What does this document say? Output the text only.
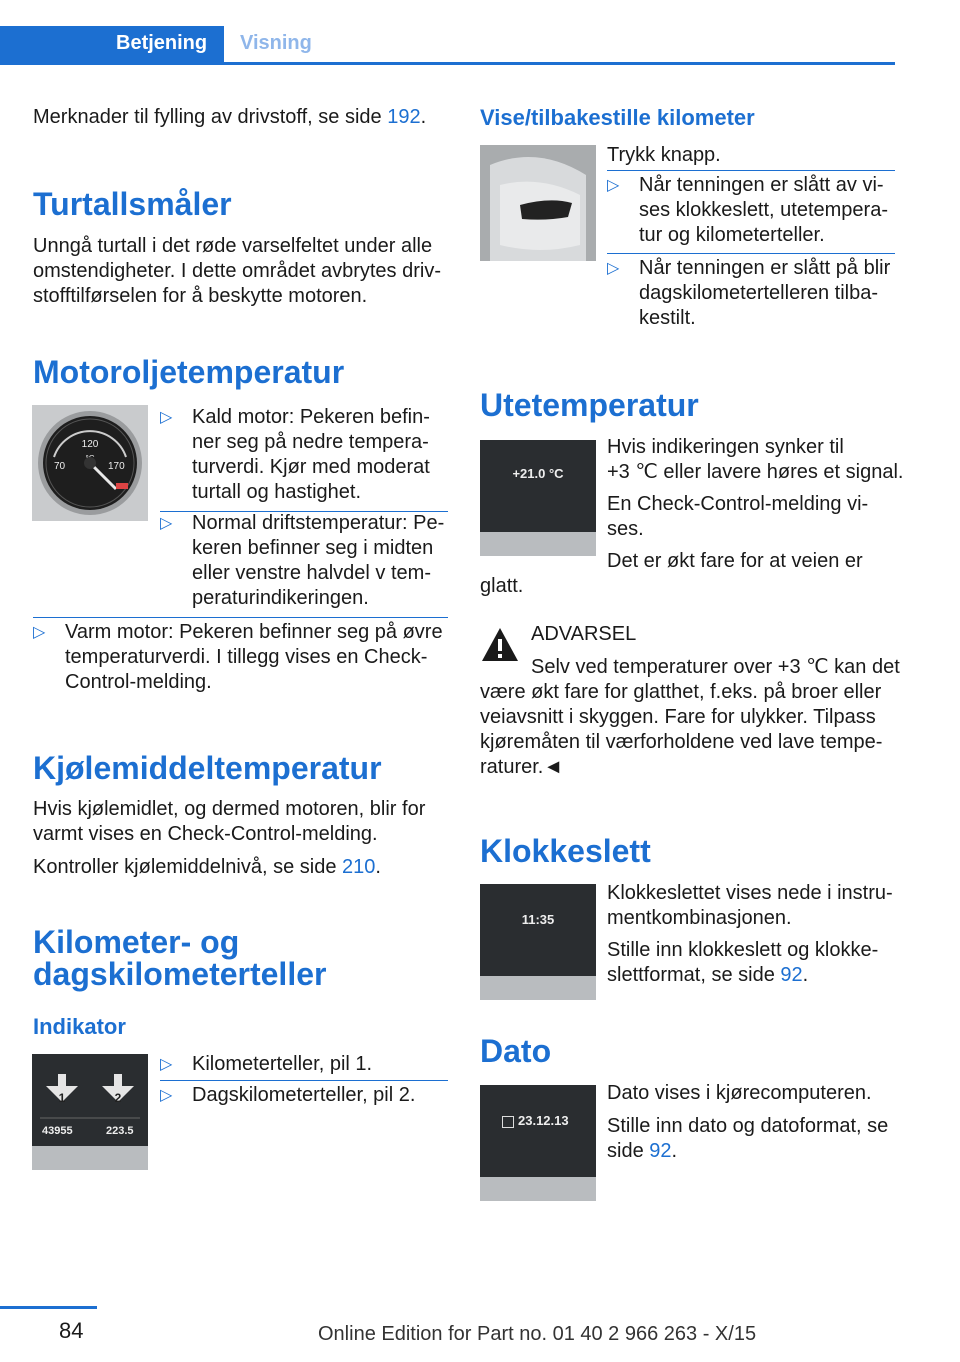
Betjening Visning
Merknader til fylling av drivstoff, se side 192.
Turtallsmåler
Unngå turtall i det røde varselfeltet under alle
omstendigheter. I dette området avbrytes driv-
stofftilførselen for å beskytte motoren.
Motoroljetemperatur
120
70	170
▷ Kald motor: Pekeren befin-
ner seg på nedre tempera-
turverdi. Kjør med moderat
turtall og hastighet.
▷ Normal driftstemperatur: Pe-
keren befinner seg i midten
eller venstre halvdel v tem-
peraturindikeringen.
▷ Varm motor: Pekeren befinner seg på øvre
temperaturverdi. I tillegg vises en Check-
Control-melding.
Kjølemiddeltemperatur
Hvis kjølemidlet, og dermed motoren, blir for
varmt vises en Check-Control-melding.
Kontroller kjølemiddelnivå, se side 210.
Kilometer- og
dagskilometerteller
Indikator
1	2
43955	223.5
▷ Kilometerteller, pil 1.
▷ Dagskilometerteller, pil 2.
Vise/tilbakestille kilometer
Trykk knapp.
▷ Når tenningen er slått av vi-
ses klokkeslett, utetempera-
tur og kilometerteller.
▷ Når tenningen er slått på blir
dagskilometertelleren tilba-
kestilt.
Utetemperatur
+21.0 °C
Hvis indikeringen synker til
+3 ℃ eller lavere høres et signal.
En Check-Control-melding vi-
ses.
Det er økt fare for at veien er
glatt.
ADVARSEL
Selv ved temperaturer over +3 ℃ kan det
være økt fare for glatthet, f.eks. på broer eller
veiavsnitt i skyggen. Fare for ulykker. Tilpass
kjøremåten til værforholdene ved lave tempe-
raturer.◄
Klokkeslett
11:35
Klokkeslettet vises nede i instru-
mentkombinasjonen.
Stille inn klokkeslett og klokke-
slettformat, se side 92.
Dato
23.12.13
Dato vises i kjørecomputeren.
Stille inn dato og datoformat, se
side 92.
84	Online Edition for Part no. 01 40 2 966 263 - X/15
